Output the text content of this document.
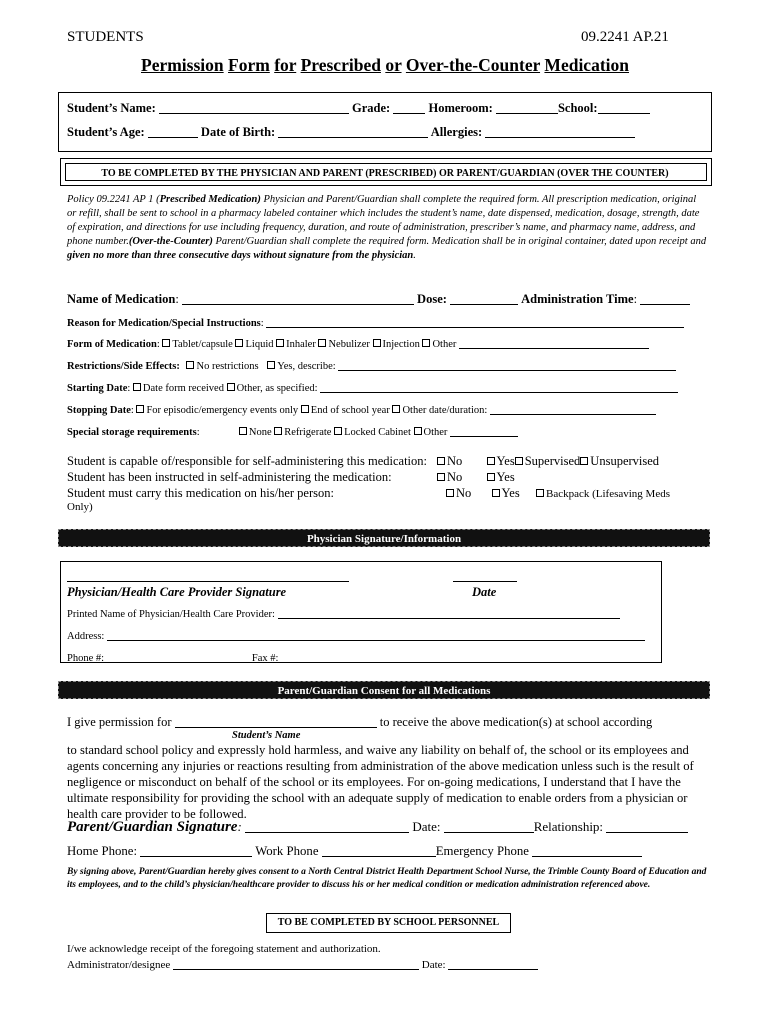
STUDENTS	09.2241 AP.21
Permission Form for Prescribed or Over-the-Counter Medication
Student’s Name:	Grade:	Homeroom:	School:
Student’s Age:	Date of Birth:	Allergies:
TO BE COMPLETED BY THE PHYSICIAN AND PARENT (PRESCRIBED) OR PARENT/GUARDIAN (OVER THE COUNTER)
Policy 09.2241 AP 1 (Prescribed Medication) Physician and Parent/Guardian shall complete the required form. All prescription medication, original or refill, shall be sent to school in a pharmacy labeled container which includes the student’s name, date dispensed, medication, dosage, strength, date of expiration, and directions for use including frequency, duration, and route of administration, prescriber’s name, and pharmacy name, address, and phone number.(Over-the-Counter) Parent/Guardian shall complete the required form. Medication shall be in original container, dated upon receipt and given no more than three consecutive days without signature from the physician.
Name of Medication:	Dose:	Administration Time:
Reason for Medication/Special Instructions:
Form of Medication: Tablet/capsule Liquid Inhaler Nebulizer Injection Other
Restrictions/Side Effects: No restrictions Yes, describe:
Starting Date: Date form received Other, as specified:
Stopping Date: For episodic/emergency events only End of school year Other date/duration:
Special storage requirements:	None Refrigerate Locked Cabinet Other
Student is capable of/responsible for self-administering this medication:	No	Yes Supervised Unsupervised
Student has been instructed in self-administering the medication:	No	Yes
Student must carry this medication on his/her person:	No Yes Backpack (Lifesaving Meds
Only)
Physician Signature/Information
Physician/Health Care Provider Signature	Date
Printed Name of Physician/Health Care Provider:
Address:
Phone #:	Fax #:
Parent/Guardian Consent for all Medications
I give permission for	to receive the above medication(s) at school according
Student’s Name
to standard school policy and expressly hold harmless, and waive any liability on behalf of, the school or its employees and agents concerning any injuries or reactions resulting from administration of the above medication unless such is the result of negligence or misconduct on behalf of the school or its employees. For on-going medications, I understand that I have the ultimate responsibility for providing the school with an adequate supply of medication to enable orders from a physician or health care provider to be followed.
Parent/Guardian Signature:	Date:	Relationship:
Home Phone:	Work Phone	Emergency Phone
By signing above, Parent/Guardian hereby gives consent to a North Central District Health Department School Nurse, the Trimble County Board of Education and its employees, and to the child’s physician/healthcare provider to discuss his or her medical condition or medication administration referenced above.
TO BE COMPLETED BY SCHOOL PERSONNEL
I/we acknowledge receipt of the foregoing statement and authorization.
Administrator/designee	Date:
